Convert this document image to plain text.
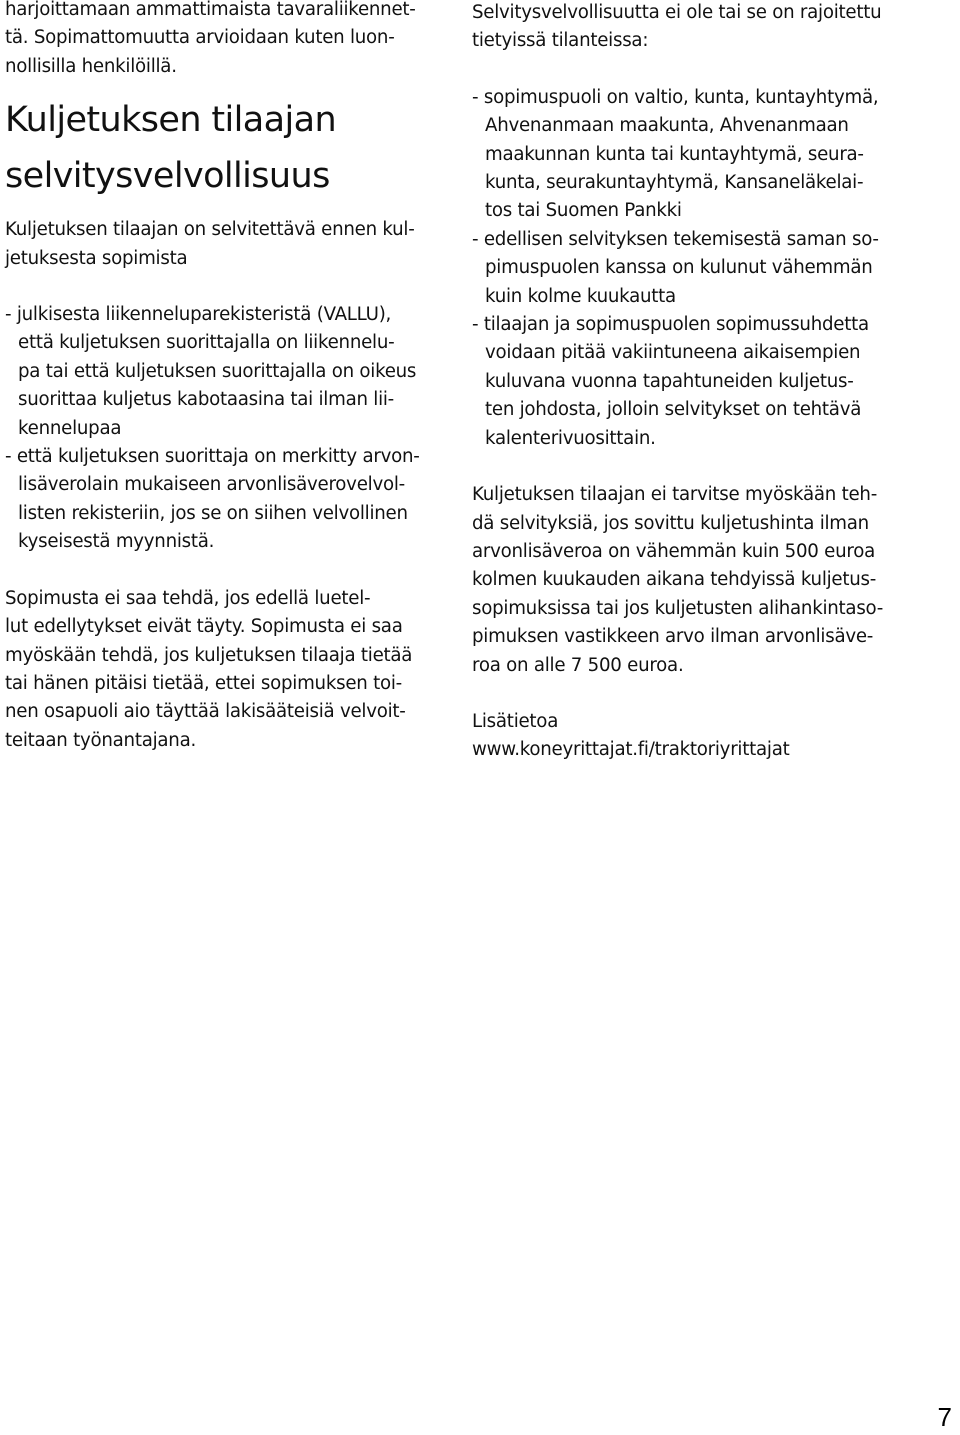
harjoittamaan ammattimaista tavaraliikennet-
tä. Sopimattomuutta arvioidaan kuten luon-
nollisilla henkilöillä.
Kuljetuksen tilaajan
selvitysvelvollisuus
Kuljetuksen tilaajan on selvitettävä ennen kul-
jetuksesta sopimista
- julkisesta liikenneluparekisteristä (VALLU),
että kuljetuksen suorittajalla on liikennelu-
pa tai että kuljetuksen suorittajalla on oikeus
suorittaa kuljetus kabotaasina tai ilman lii-
kennelupaa
- että kuljetuksen suorittaja on merkitty arvon-
lisäverolain mukaiseen arvonlisäverovelvol-
listen rekisteriin, jos se on siihen velvollinen
kyseisestä myynnistä.
Sopimusta ei saa tehdä, jos edellä luetel-
lut edellytykset eivät täyty. Sopimusta ei saa
myöskään tehdä, jos kuljetuksen tilaaja tietää
tai hänen pitäisi tietää, ettei sopimuksen toi-
nen osapuoli aio täyttää lakisääteisiä velvoit-
teitaan työnantajana.
Selvitysvelvollisuutta ei ole tai se on rajoitettu
tietyissä tilanteissa:
- sopimuspuoli on valtio, kunta, kuntayhtymä,
Ahvenanmaan maakunta, Ahvenanmaan
maakunnan kunta tai kuntayhtymä, seura-
kunta, seurakuntayhtymä, Kansaneläkelai-
tos tai Suomen Pankki
- edellisen selvityksen tekemisestä saman so-
pimuspuolen kanssa on kulunut vähemmän
kuin kolme kuukautta
- tilaajan ja sopimuspuolen sopimussuhdetta
voidaan pitää vakiintuneena aikaisempien
kuluvana vuonna tapahtuneiden kuljetus-
ten johdosta, jolloin selvitykset on tehtävä
kalenterivuosittain.
Kuljetuksen tilaajan ei tarvitse myöskään teh-
dä selvityksiä, jos sovittu kuljetushinta ilman
arvonlisäveroa on vähemmän kuin 500 euroa
kolmen kuukauden aikana tehdyissä kuljetus-
sopimuksissa tai jos kuljetusten alihankintaso-
pimuksen vastikkeen arvo ilman arvonlisäve-
roa on alle 7 500 euroa.
Lisätietoa
www.koneyrittajat.fi/traktoriyrittajat
7
